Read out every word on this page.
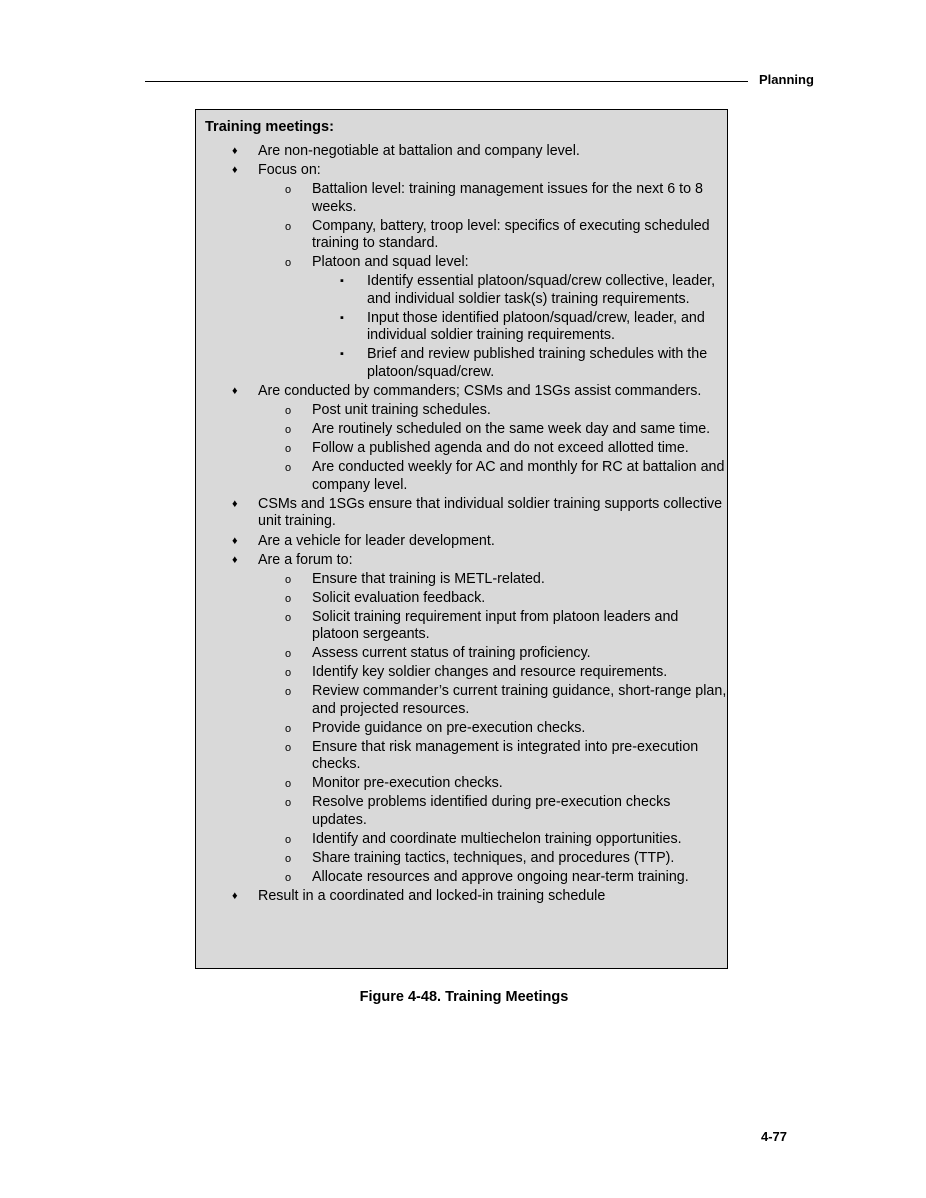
Planning
Training meetings:
♦ Are non-negotiable at battalion and company level.
♦ Focus on:
o Battalion level: training management issues for the next 6 to 8 weeks.
o Company, battery, troop level: specifics of executing scheduled training to standard.
o Platoon and squad level:
▪ Identify essential platoon/squad/crew collective, leader, and individual soldier task(s) training requirements.
▪ Input those identified platoon/squad/crew, leader, and individual soldier training requirements.
▪ Brief and review published training schedules with the platoon/squad/crew.
♦ Are conducted by commanders; CSMs and 1SGs assist commanders.
o Post unit training schedules.
o Are routinely scheduled on the same week day and same time.
o Follow a published agenda and do not exceed allotted time.
o Are conducted weekly for AC and monthly for RC at battalion and company level.
♦ CSMs and 1SGs ensure that individual soldier training supports collective unit training.
♦ Are a vehicle for leader development.
♦ Are a forum to:
o Ensure that training is METL-related.
o Solicit evaluation feedback.
o Solicit training requirement input from platoon leaders and platoon sergeants.
o Assess current status of training proficiency.
o Identify key soldier changes and resource requirements.
o Review commander’s current training guidance, short-range plan, and projected resources.
o Provide guidance on pre-execution checks.
o Ensure that risk management is integrated into pre-execution checks.
o Monitor pre-execution checks.
o Resolve problems identified during pre-execution checks updates.
o Identify and coordinate multiechelon training opportunities.
o Share training tactics, techniques, and procedures (TTP).
o Allocate resources and approve ongoing near-term training.
♦ Result in a coordinated and locked-in training schedule
Figure 4-48. Training Meetings
4-77
